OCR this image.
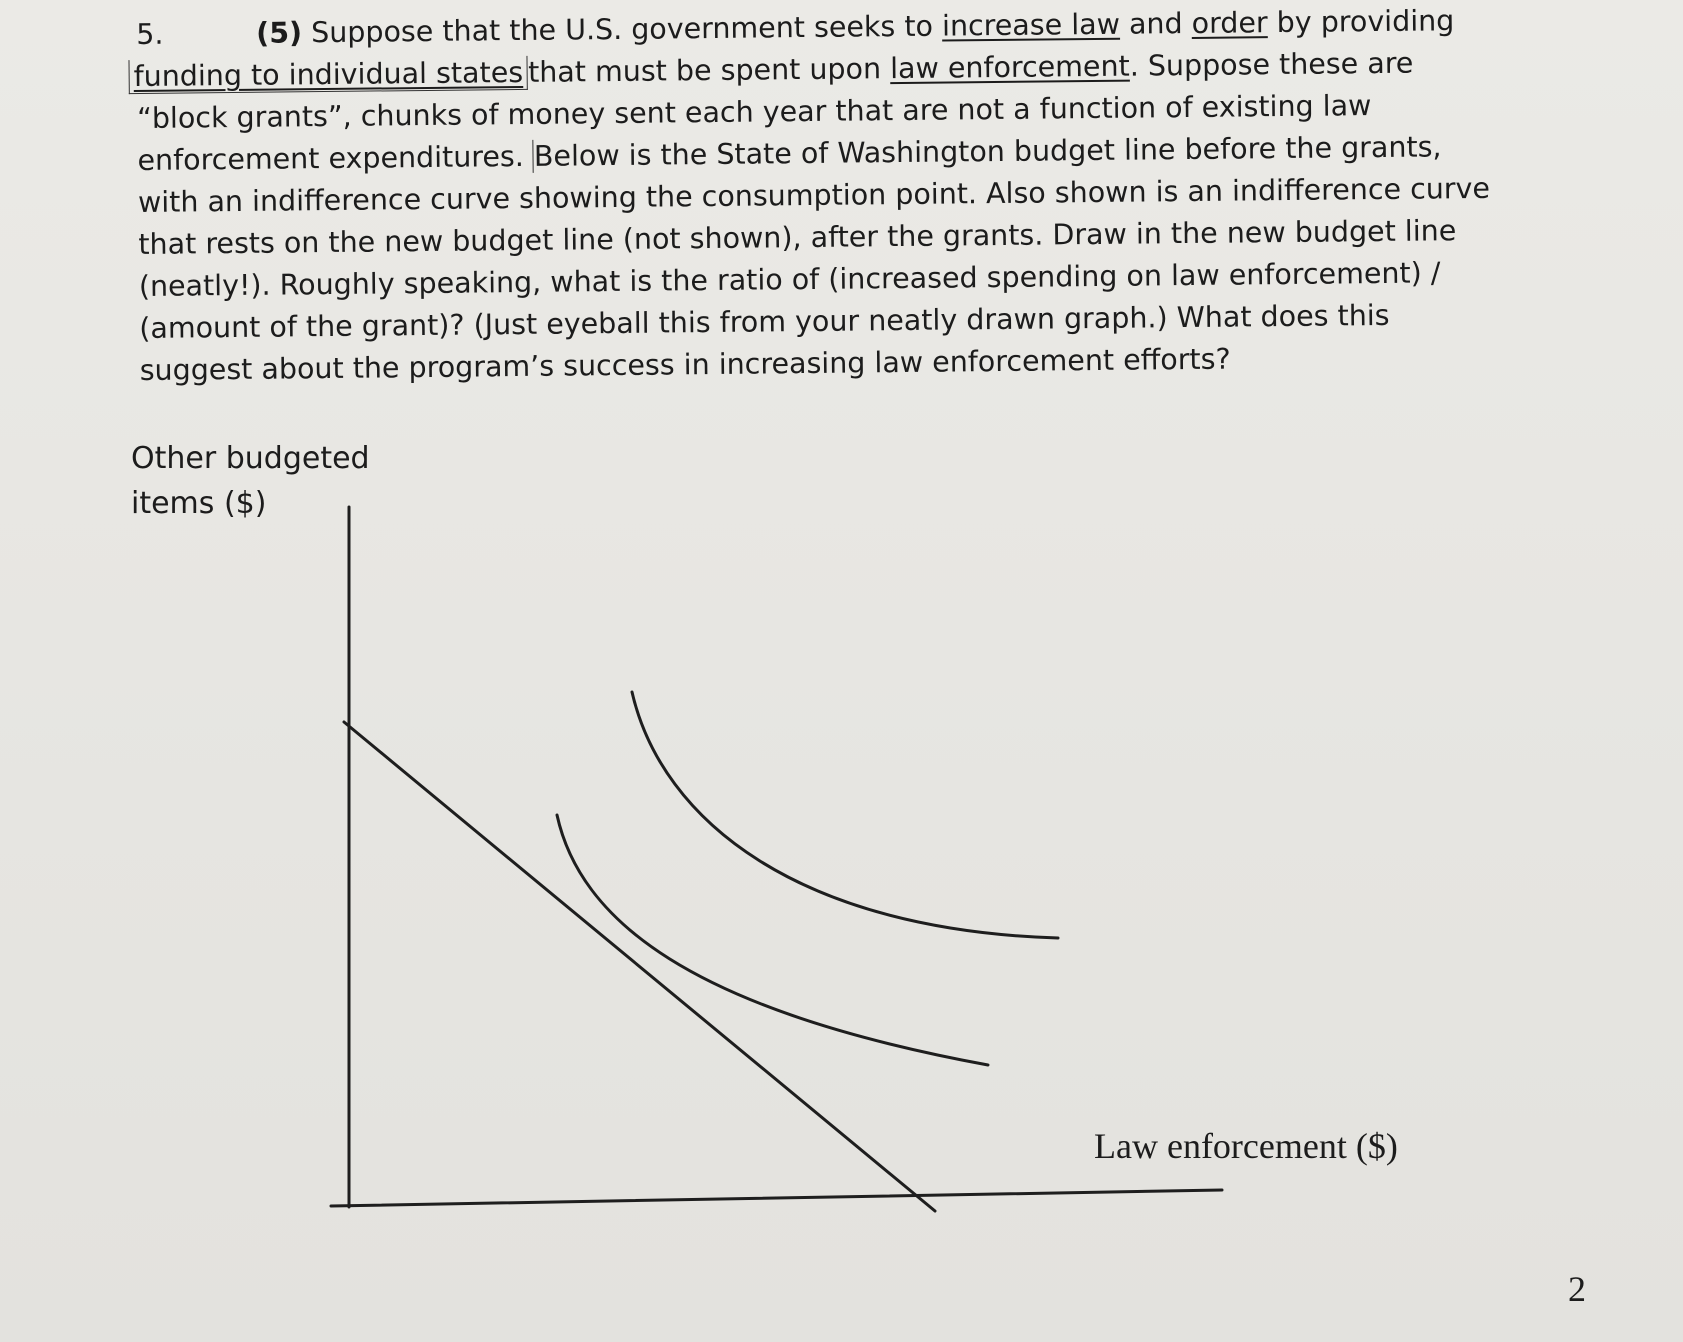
5.	(5) Suppose that the U.S. government seeks to increase law and order by providing
funding to individual states that must be spent upon law enforcement. Suppose these are
“block grants”, chunks of money sent each year that are not a function of existing law
enforcement expenditures. Below is the State of Washington budget line before the grants,
with an indifference curve showing the consumption point. Also shown is an indifference curve
that rests on the new budget line (not shown), after the grants. Draw in the new budget line
(neatly!). Roughly speaking, what is the ratio of (increased spending on law enforcement) /
(amount of the grant)? (Just eyeball this from your neatly drawn graph.) What does this
suggest about the program’s success in increasing law enforcement efforts?
Other budgeted
items ($)
Law enforcement ($)
2
